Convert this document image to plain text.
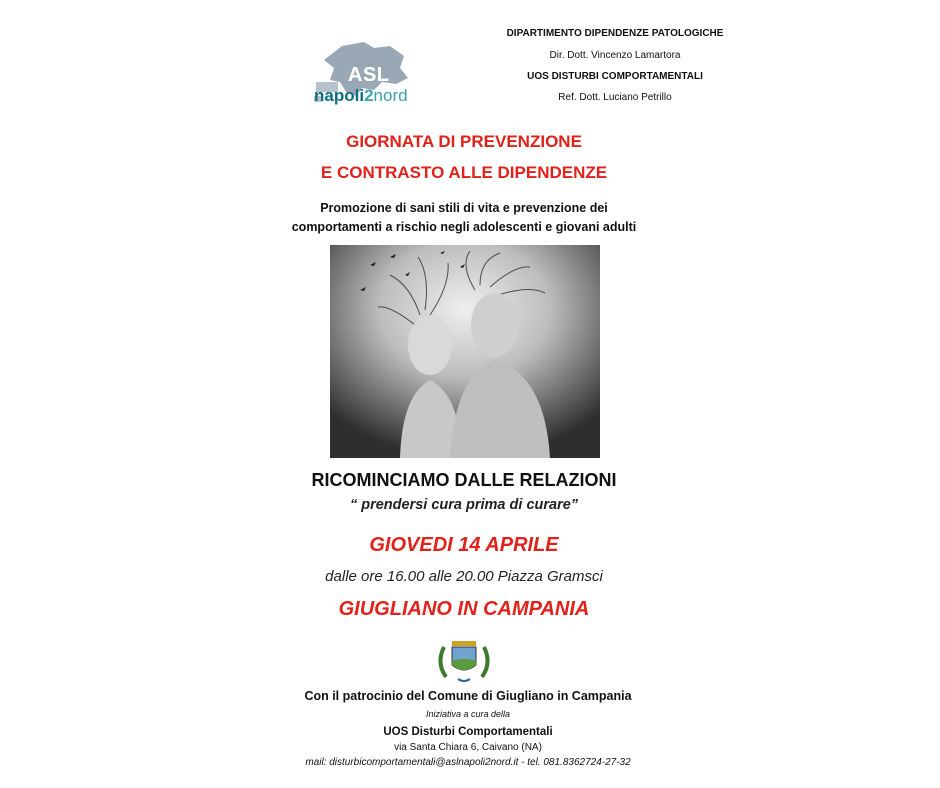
ASL
napoli2nord
DIPARTIMENTO DIPENDENZE PATOLOGICHE
Dir. Dott. Vincenzo Lamartora
UOS DISTURBI COMPORTAMENTALI
Ref. Dott. Luciano Petrillo
GIORNATA DI PREVENZIONE
E CONTRASTO ALLE DIPENDENZE
Promozione di sani stili di vita e prevenzione dei
comportamenti a rischio negli adolescenti e giovani adulti
RICOMINCIAMO DALLE RELAZIONI
“ prendersi cura prima di curare”
GIOVEDI 14 APRILE
dalle ore 16.00 alle 20.00 Piazza Gramsci
GIUGLIANO IN CAMPANIA
Con il patrocinio del Comune di Giugliano in Campania
Iniziativa a cura della
UOS Disturbi Comportamentali
via Santa Chiara 6, Caivano (NA)
mail: disturbicomportamentali@aslnapoli2nord.it - tel. 081.8362724-27-32
